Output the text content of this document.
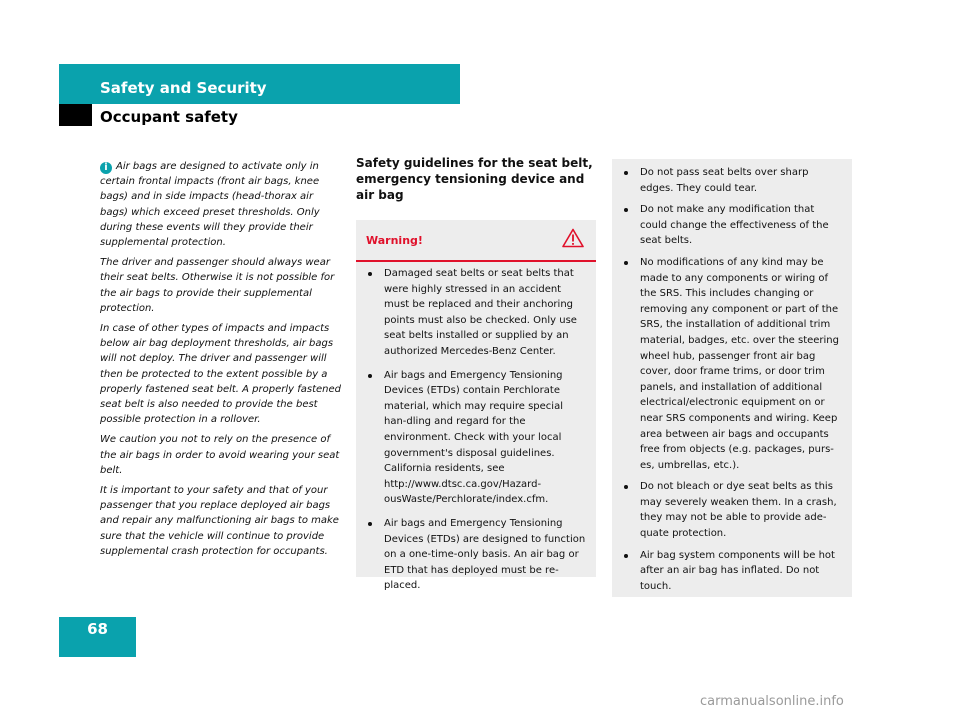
Safety and Security
Occupant safety

i Air bags are designed to activate only in certain frontal impacts (front air bags, knee bags) and in side impacts (head-thorax air bags) which exceed preset thresholds. Only during these events will they provide their supplemental protection.

The driver and passenger should always wear their seat belts. Otherwise it is not possible for the air bags to provide their supplemental protection.

In case of other types of impacts and impacts below air bag deployment thresholds, air bags will not deploy. The driver and passenger will then be protected to the extent possible by a properly fastened seat belt. A properly fastened seat belt is also needed to provide the best possible protection in a rollover.

We caution you not to rely on the presence of the air bags in order to avoid wearing your seat belt.

It is important to your safety and that of your passenger that you replace deployed air bags and repair any malfunctioning air bags to make sure that the vehicle will continue to provide supplemental crash protection for occupants.

Safety guidelines for the seat belt, emergency tensioning device and air bag
Warning!
Damaged seat belts or seat belts that were highly stressed in an accident must be replaced and their anchoring points must also be checked. Only use seat belts installed or supplied by an authorized Mercedes-Benz Center.
Air bags and Emergency Tensioning Devices (ETDs) contain Perchlorate material, which may require special han-dling and regard for the environment. Check with your local government's disposal guidelines. California residents, see http://www.dtsc.ca.gov/Hazard-ousWaste/Perchlorate/index.cfm.
Air bags and Emergency Tensioning Devices (ETDs) are designed to function on a one-time-only basis. An air bag or ETD that has deployed must be re-placed.
Do not pass seat belts over sharp edges. They could tear.
Do not make any modification that could change the effectiveness of the seat belts.
No modifications of any kind may be made to any components or wiring of the SRS. This includes changing or removing any component or part of the SRS, the installation of additional trim material, badges, etc. over the steering wheel hub, passenger front air bag cover, door frame trims, or door trim panels, and installation of additional electrical/electronic equipment on or near SRS components and wiring. Keep area between air bags and occupants free from objects (e.g. packages, purs-es, umbrellas, etc.).
Do not bleach or dye seat belts as this may severely weaken them. In a crash, they may not be able to provide ade-quate protection.
Air bag system components will be hot after an air bag has inflated. Do not touch.
68
carmanualsonline.info
